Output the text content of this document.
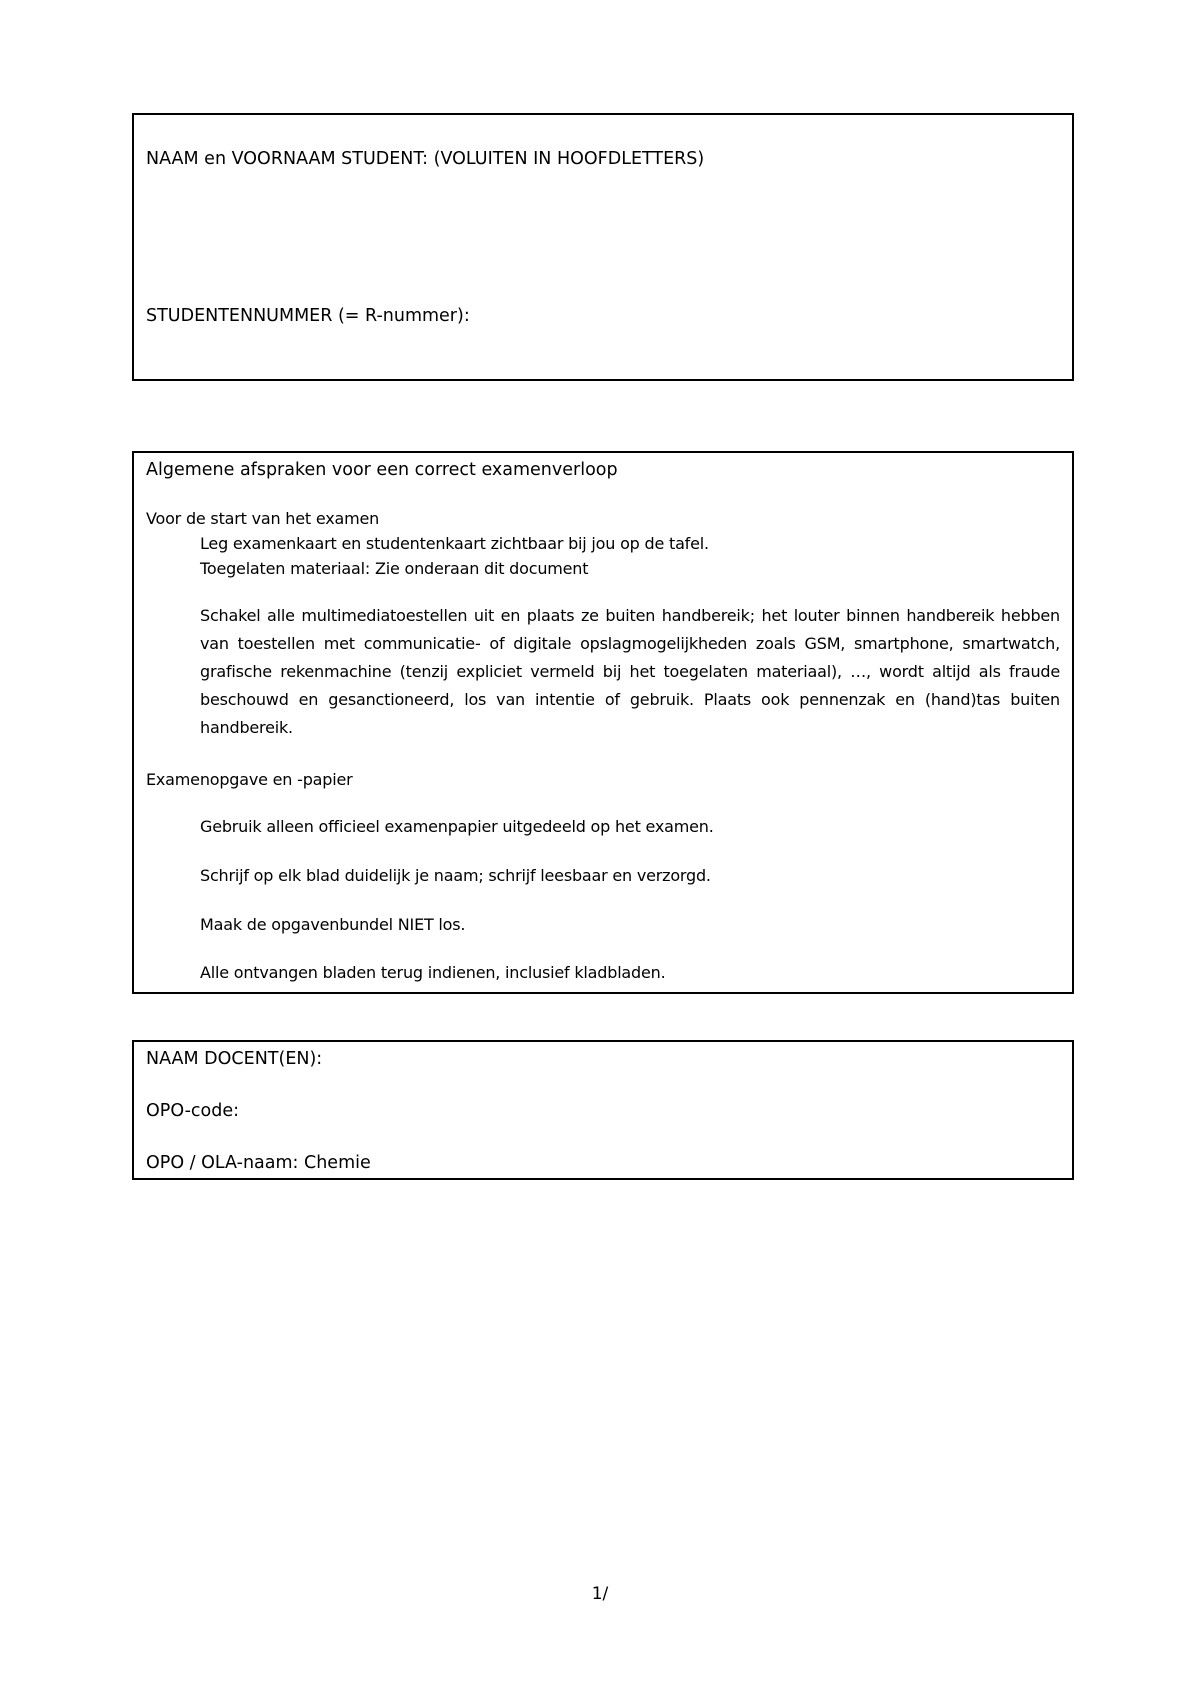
NAAM en VOORNAAM STUDENT: (VOLUITEN IN HOOFDLETTERS)

STUDENTENNUMMER (= R-nummer):

Algemene afspraken voor een correct examenverloop

Voor de start van het examen

Leg examenkaart en studentenkaart zichtbaar bij jou op de tafel.

Toegelaten materiaal: Zie onderaan dit document

Schakel alle multimediatoestellen uit en plaats ze buiten handbereik; het louter binnen handbereik hebben van toestellen met communicatie- of digitale opslagmogelijkheden zoals GSM, smartphone, smartwatch, grafische rekenmachine (tenzij expliciet vermeld bij het toegelaten materiaal), …, wordt altijd als fraude beschouwd en gesanctioneerd, los van intentie of gebruik. Plaats ook pennenzak en (hand)tas buiten handbereik.

Examenopgave en -papier

Gebruik alleen officieel examenpapier uitgedeeld op het examen.

Schrijf op elk blad duidelijk je naam; schrijf leesbaar en verzorgd.

Maak de opgavenbundel NIET los.

Alle ontvangen bladen terug indienen, inclusief kladbladen.

NAAM DOCENT(EN):

OPO-code:

OPO / OLA-naam: Chemie

1/
